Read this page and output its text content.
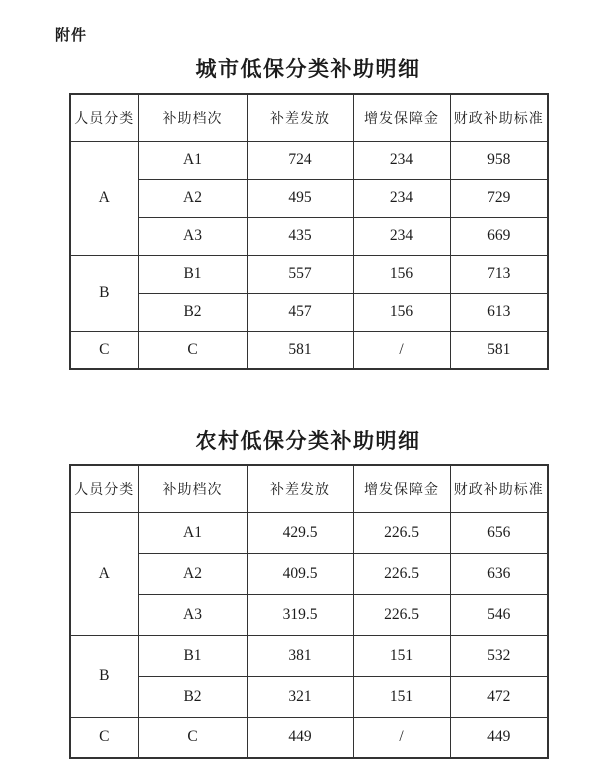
附件
城市低保分类补助明细
人员分类	补助档次	补差发放	增发保障金	财政补助标准
A	A1	724	234	958
	A2	495	234	729
	A3	435	234	669
B	B1	557	156	713
	B2	457	156	613
C	C	581	/	581
农村低保分类补助明细
人员分类	补助档次	补差发放	增发保障金	财政补助标准
A	A1	429.5	226.5	656
	A2	409.5	226.5	636
	A3	319.5	226.5	546
B	B1	381	151	532
	B2	321	151	472
C	C	449	/	449
